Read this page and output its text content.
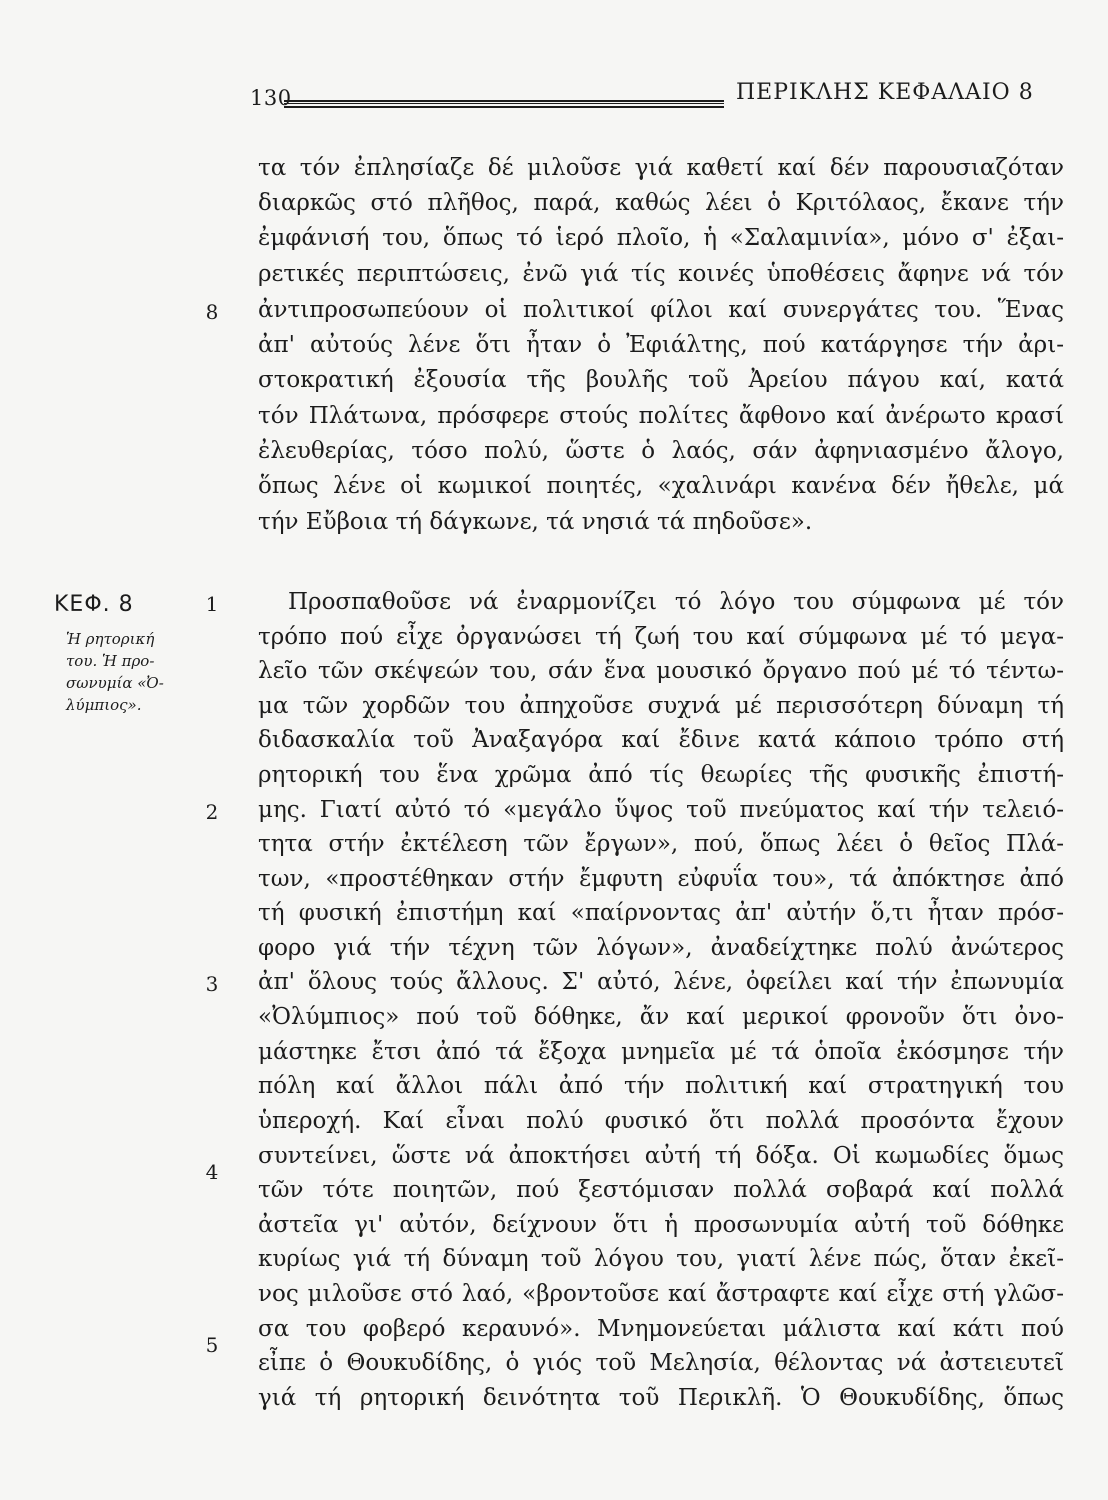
130	ΠΕΡΙΚΛΗΣ ΚΕΦΑΛΑΙΟ 8
ΚΕΦ. 8
Ἡ ρητορική
του. Ἡ προ-
σωνυμία «Ὀ-
λύμπιος».
8
1
2
3
4
5
τα τόν ἐπλησίαζε δέ μιλοῦσε γιά καθετί καί δέν παρουσιαζόταν
διαρκῶς στό πλῆθος, παρά, καθώς λέει ὁ Κριτόλαος, ἔκανε τήν
ἐμφάνισή του, ὅπως τό ἱερό πλοῖο, ἡ «Σαλαμινία», μόνο σ' ἐξαι-
ρετικές περιπτώσεις, ἐνῶ γιά τίς κοινές ὑποθέσεις ἄφηνε νά τόν
ἀντιπροσωπεύουν οἱ πολιτικοί φίλοι καί συνεργάτες του. Ἕνας
ἀπ' αὐτούς λένε ὅτι ἦταν ὁ Ἐφιάλτης, πού κατάργησε τήν ἀρι-
στοκρατική ἐξουσία τῆς βουλῆς τοῦ Ἀρείου πάγου καί, κατά
τόν Πλάτωνα, πρόσφερε στούς πολίτες ἄφθονο καί ἀνέρωτο κρασί
ἐλευθερίας, τόσο πολύ, ὥστε ὁ λαός, σάν ἀφηνιασμένο ἄλογο,
ὅπως λένε οἱ κωμικοί ποιητές, «χαλινάρι κανένα δέν ἤθελε, μά
τήν Εὔβοια τή δάγκωνε, τά νησιά τά πηδοῦσε».
Προσπαθοῦσε νά ἐναρμονίζει τό λόγο του σύμφωνα μέ τόν
τρόπο πού εἶχε ὀργανώσει τή ζωή του καί σύμφωνα μέ τό μεγα-
λεῖο τῶν σκέψεών του, σάν ἕνα μουσικό ὄργανο πού μέ τό τέντω-
μα τῶν χορδῶν του ἀπηχοῦσε συχνά μέ περισσότερη δύναμη τή
διδασκαλία τοῦ Ἀναξαγόρα καί ἔδινε κατά κάποιο τρόπο στή
ρητορική του ἕνα χρῶμα ἀπό τίς θεωρίες τῆς φυσικῆς ἐπιστή-
μης. Γιατί αὐτό τό «μεγάλο ὕψος τοῦ πνεύματος καί τήν τελειό-
τητα στήν ἐκτέλεση τῶν ἔργων», πού, ὅπως λέει ὁ θεῖος Πλά-
των, «προστέθηκαν στήν ἔμφυτη εὐφυΐα του», τά ἀπόκτησε ἀπό
τή φυσική ἐπιστήμη καί «παίρνοντας ἀπ' αὐτήν ὅ,τι ἦταν πρόσ-
φορο γιά τήν τέχνη τῶν λόγων», ἀναδείχτηκε πολύ ἀνώτερος
ἀπ' ὅλους τούς ἄλλους. Σ' αὐτό, λένε, ὀφείλει καί τήν ἐπωνυμία
«Ὀλύμπιος» πού τοῦ δόθηκε, ἄν καί μερικοί φρονοῦν ὅτι ὀνο-
μάστηκε ἔτσι ἀπό τά ἔξοχα μνημεῖα μέ τά ὁποῖα ἐκόσμησε τήν
πόλη καί ἄλλοι πάλι ἀπό τήν πολιτική καί στρατηγική του
ὑπεροχή. Καί εἶναι πολύ φυσικό ὅτι πολλά προσόντα ἔχουν
συντείνει, ὥστε νά ἀποκτήσει αὐτή τή δόξα. Οἱ κωμωδίες ὅμως
τῶν τότε ποιητῶν, πού ξεστόμισαν πολλά σοβαρά καί πολλά
ἀστεῖα γι' αὐτόν, δείχνουν ὅτι ἡ προσωνυμία αὐτή τοῦ δόθηκε
κυρίως γιά τή δύναμη τοῦ λόγου του, γιατί λένε πώς, ὅταν ἐκεῖ-
νος μιλοῦσε στό λαό, «βροντοῦσε καί ἄστραφτε καί εἶχε στή γλῶσ-
σα του φοβερό κεραυνό». Μνημονεύεται μάλιστα καί κάτι πού
εἶπε ὁ Θουκυδίδης, ὁ γιός τοῦ Μελησία, θέλοντας νά ἀστειευτεῖ
γιά τή ρητορική δεινότητα τοῦ Περικλῆ. Ὁ Θουκυδίδης, ὅπως
